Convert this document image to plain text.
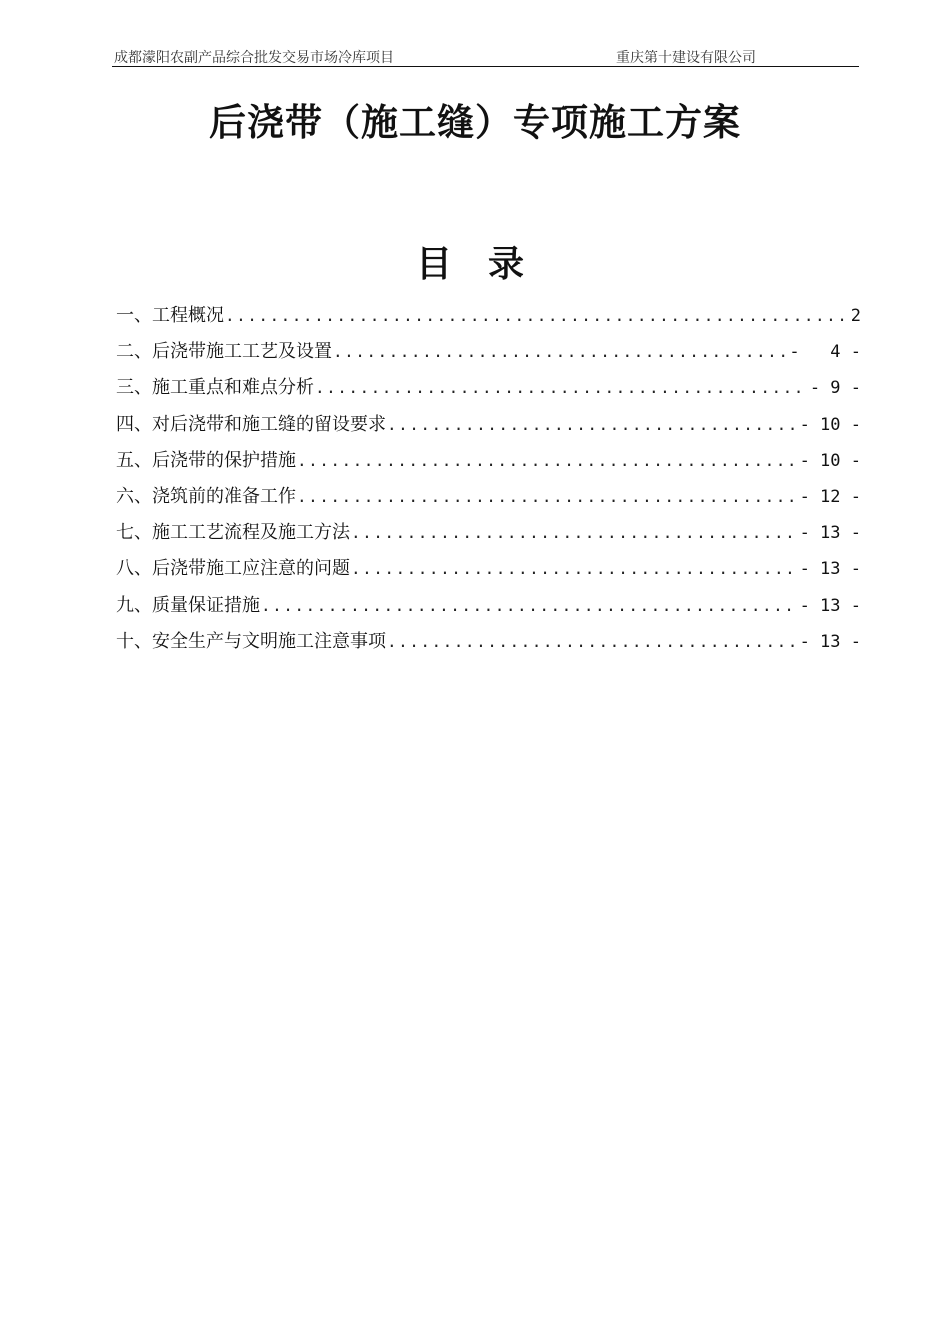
成都濛阳农副产品综合批发交易市场冷库项目	重庆第十建设有限公司
后浇带（施工缝）专项施工方案
目录
一、工程概况 .....	2
二、后浇带施工工艺及设置 .....	-   4 -
三、施工重点和难点分析 .....	- 9 -
四、对后浇带和施工缝的留设要求 .....	- 10 -
五、后浇带的保护措施 .....	- 10 -
六、浇筑前的准备工作 .....	- 12 -
七、施工工艺流程及施工方法 .....	- 13 -
八、后浇带施工应注意的问题 .....	- 13 -
九、质量保证措施 .....	- 13 -
十、安全生产与文明施工注意事项 .....	- 13 -
